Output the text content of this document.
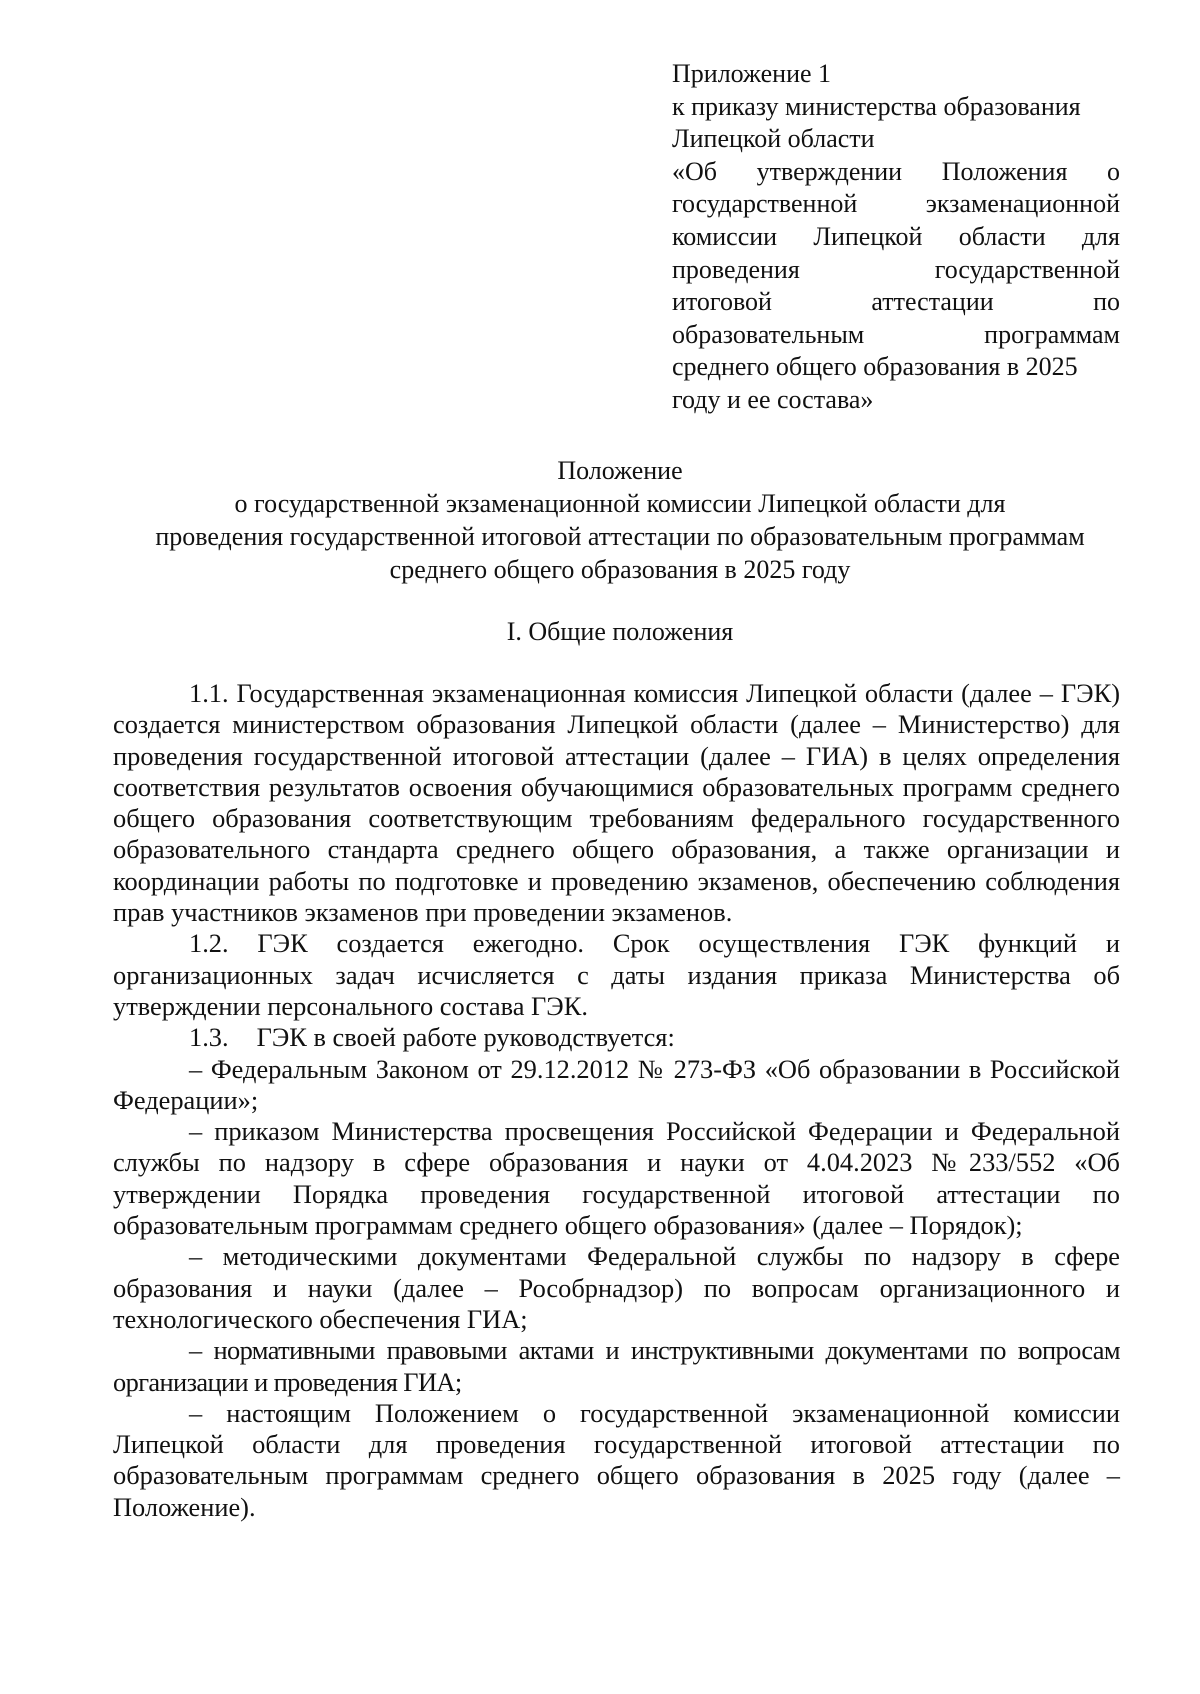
Приложение 1
к приказу министерства образования
Липецкой области
«Об утверждении Положения о
государственной экзаменационной
комиссии Липецкой области для
проведения государственной
итоговой аттестации по
образовательным программам
среднего общего образования в 2025
году и ее состава»
Положение
о государственной экзаменационной комиссии Липецкой области для
проведения государственной итоговой аттестации по образовательным программам
среднего общего образования в 2025 году
I. Общие положения

1.1. Государственная экзаменационная комиссия Липецкой области (далее – ГЭК) создается министерством образования Липецкой области (далее – Министерство) для проведения государственной итоговой аттестации (далее – ГИА) в целях определения соответствия результатов освоения обучающимися образовательных программ среднего общего образования соответствующим требованиям федерального государственного образовательного стандарта среднего общего образования, а также организации и координации работы по подготовке и проведению экзаменов, обеспечению соблюдения прав участников экзаменов при проведении экзаменов.

1.2. ГЭК создается ежегодно. Срок осуществления ГЭК функций и организационных задач исчисляется с даты издания приказа Министерства об утверждении персонального состава ГЭК.

1.3. ГЭК в своей работе руководствуется:

– Федеральным Законом от 29.12.2012 № 273-ФЗ «Об образовании в Российской Федерации»;

– приказом Министерства просвещения Российской Федерации и Федеральной службы по надзору в сфере образования и науки от 4.04.2023 №233/552 «Об утверждении Порядка проведения государственной итоговой аттестации по образовательным программам среднего общего образования» (далее – Порядок);

– методическими документами Федеральной службы по надзору в сфере образования и науки (далее – Рособрнадзор) по вопросам организационного и технологического обеспечения ГИА;

– нормативными правовыми актами и инструктивными документами по вопросам организации и проведения ГИА;

– настоящим Положением о государственной экзаменационной комиссии Липецкой области для проведения государственной итоговой аттестации по образовательным программам среднего общего образования в 2025 году (далее – Положение).
